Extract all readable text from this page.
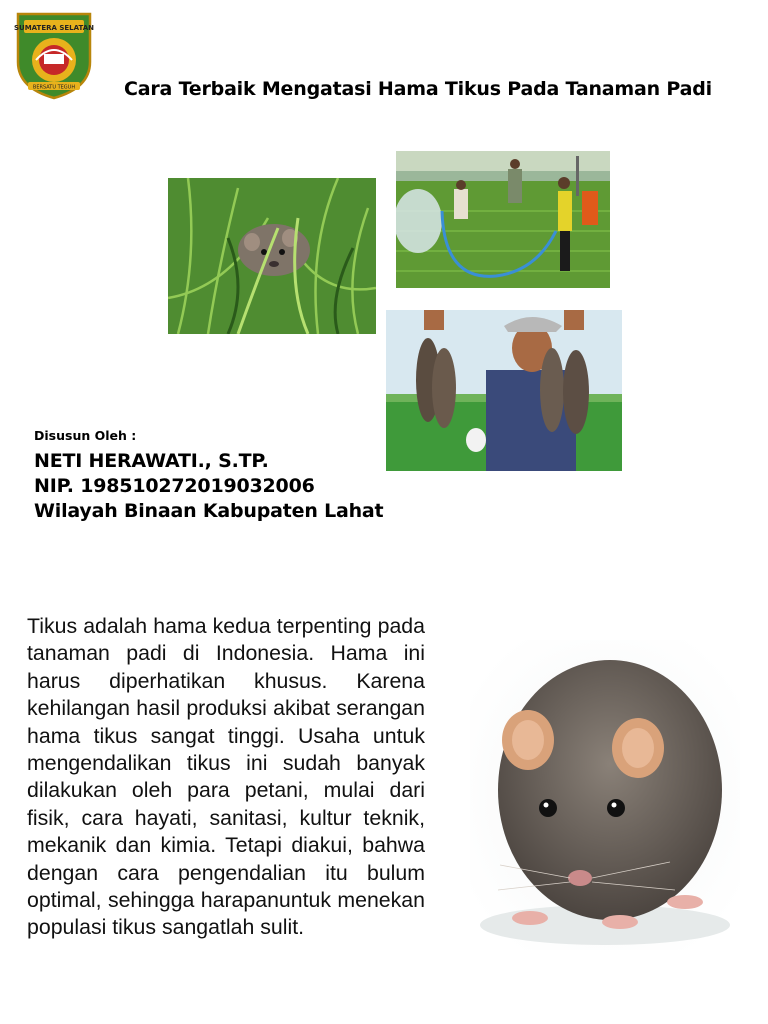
SUMATERA SELATAN
BERSATU TEGUH	Cara Terbaik Mengatasi Hama Tikus Pada Tanaman Padi
Disusun Oleh :
NETI HERAWATI., S.TP.
NIP. 198510272019032006
Wilayah Binaan Kabupaten Lahat
Tikus adalah hama kedua terpenting pada tanaman padi di Indonesia. Hama ini harus diperhatikan khusus. Karena kehilangan hasil produksi akibat serangan hama tikus sangat tinggi. Usaha untuk mengendalikan tikus ini sudah banyak dilakukan oleh para petani, mulai dari fisik, cara hayati, sanitasi, kultur teknik, mekanik dan kimia. Tetapi diakui, bahwa dengan cara pengendalian itu bulum optimal, sehingga harapanuntuk menekan populasi tikus sangatlah sulit.
